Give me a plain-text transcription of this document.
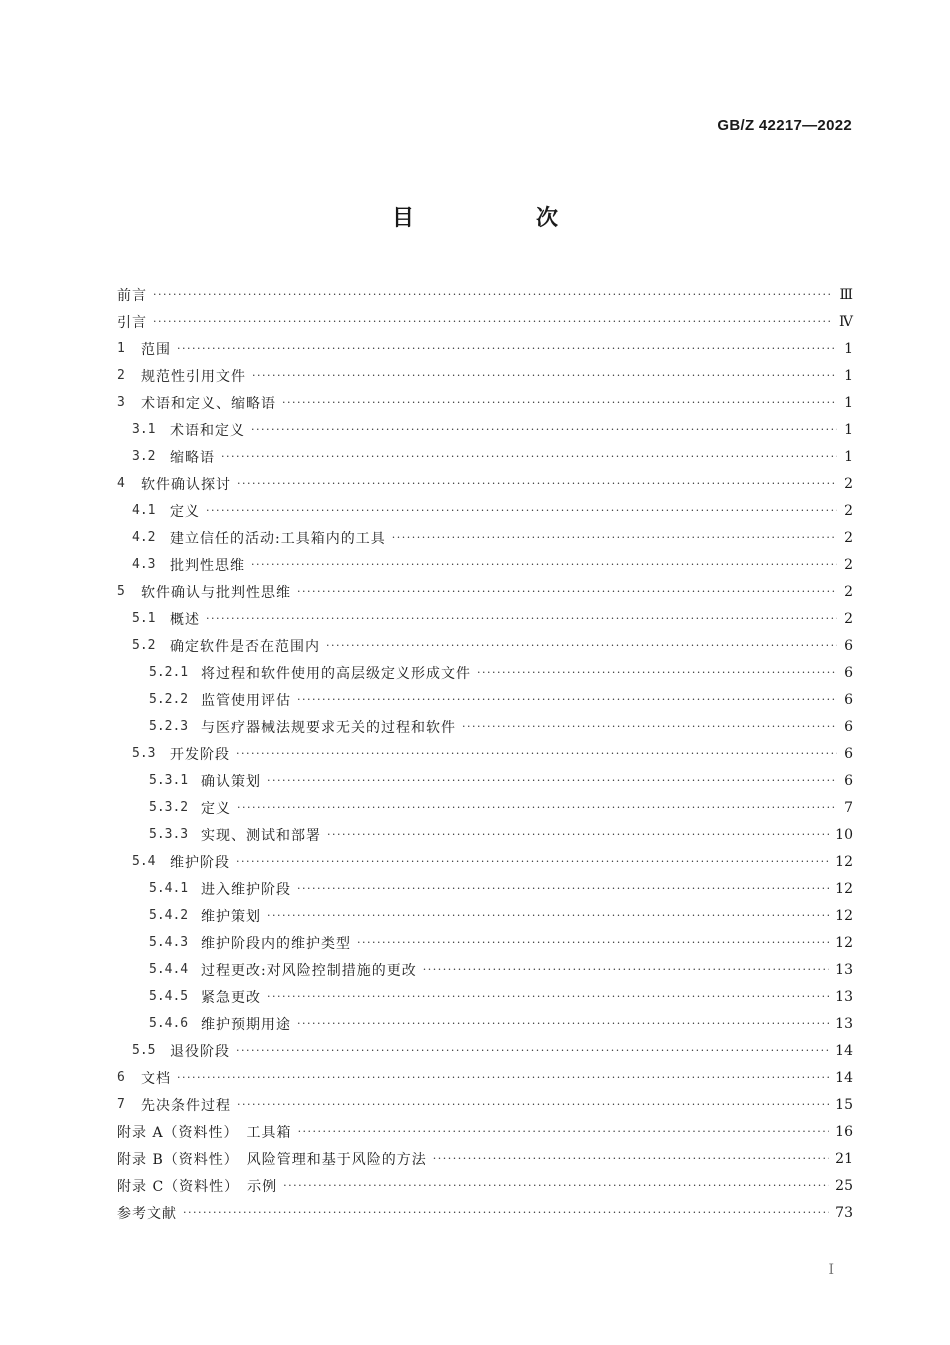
GB/Z 42217—2022
目　次
前言 ·····	Ⅲ
引言 ·····	Ⅳ
1	范围 ·····	1
2	规范性引用文件 ·····	1
3	术语和定义、缩略语 ·····	1
3.1	术语和定义 ·····	1
3.2	缩略语 ·····	1
4	软件确认探讨 ·····	2
4.1	定义 ·····	2
4.2	建立信任的活动:工具箱内的工具 ·····	2
4.3	批判性思维 ·····	2
5	软件确认与批判性思维 ·····	2
5.1	概述 ·····	2
5.2	确定软件是否在范围内 ·····	6
5.2.1 将过程和软件使用的高层级定义形成文件 ·····	6
5.2.2 监管使用评估 ·····	6
5.2.3 与医疗器械法规要求无关的过程和软件 ·····	6
5.3	开发阶段 ·····	6
5.3.1 确认策划 ·····	6
5.3.2 定义 ·····	7
5.3.3 实现、测试和部署 ·····	10
5.4	维护阶段 ·····	12
5.4.1 进入维护阶段 ·····	12
5.4.2 维护策划 ·····	12
5.4.3 维护阶段内的维护类型 ·····	12
5.4.4 过程更改:对风险控制措施的更改 ·····	13
5.4.5 紧急更改 ·····	13
5.4.6 维护预期用途 ·····	13
5.5	退役阶段 ·····	14
6	文档 ·····	14
7	先决条件过程 ·····	15
附录 A（资料性）　工具箱 ·····	16
附录 B（资料性）　风险管理和基于风险的方法 ·····	21
附录 C（资料性）　示例 ·····	25
参考文献 ·····	73
Ⅰ
